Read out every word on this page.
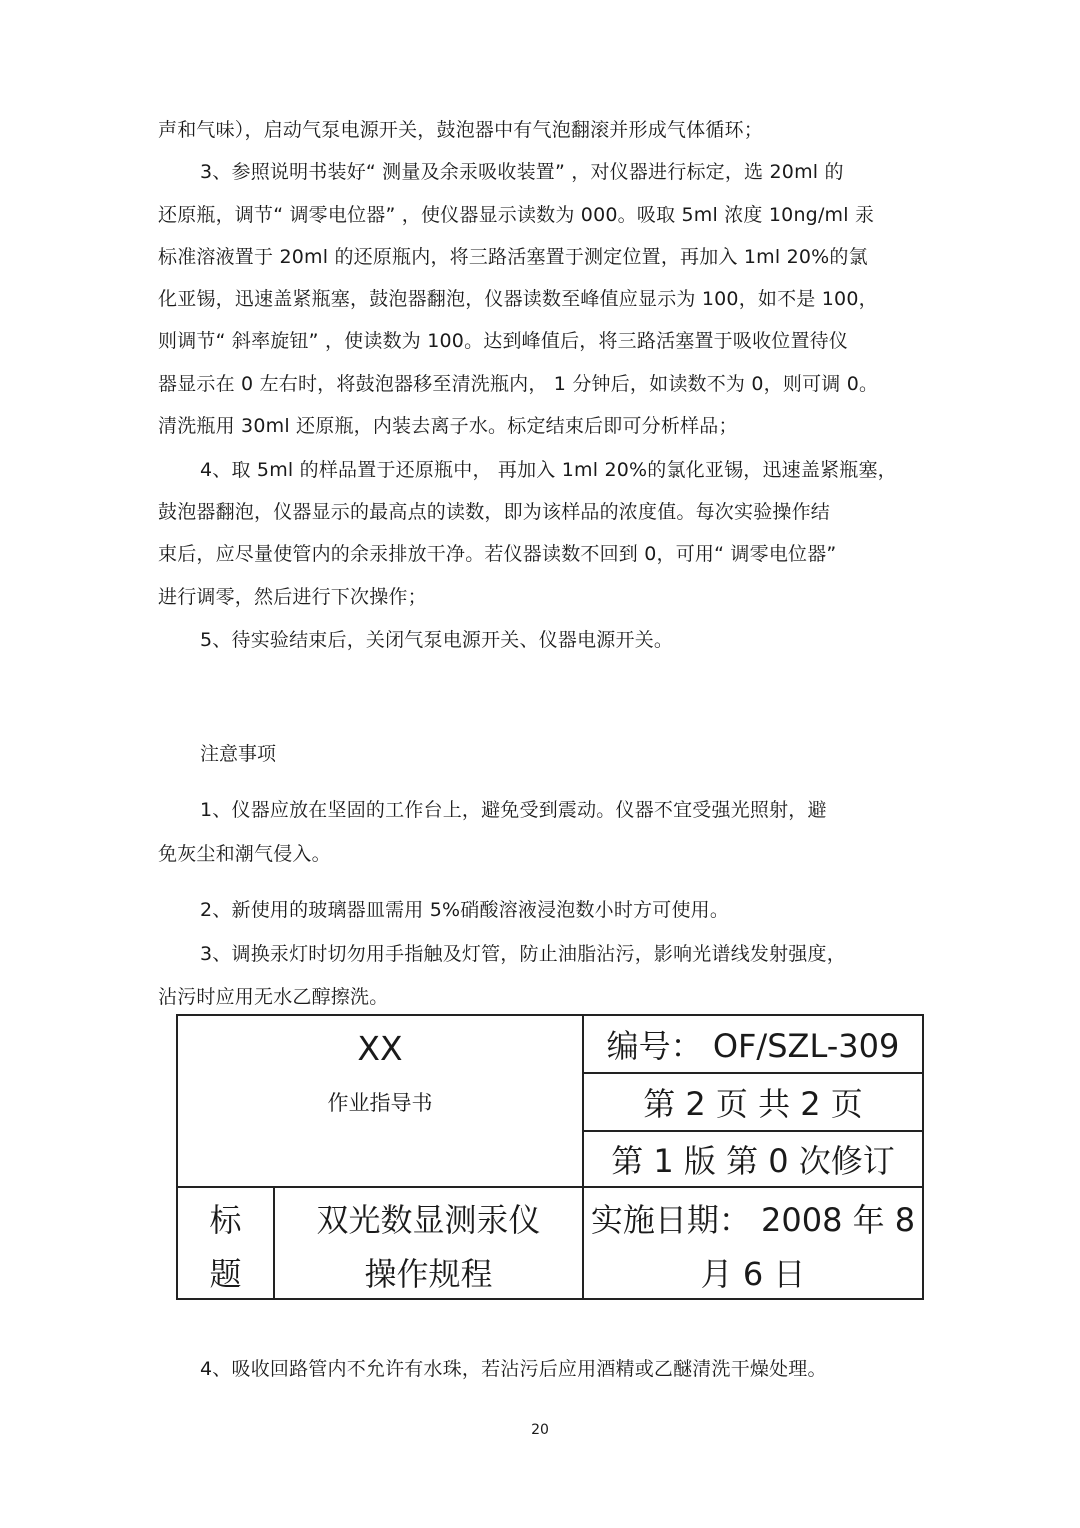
声和气味），启动气泵电源开关，鼓泡器中有气泡翻滚并形成气体循环；
3、参照说明书装好“ 测量及余汞吸收装置” ，对仪器进行标定，选 20ml 的
还原瓶，调节“ 调零电位器” ，使仪器显示读数为 000。吸取 5ml 浓度 10ng/ml 汞
标准溶液置于 20ml 的还原瓶内，将三路活塞置于测定位置，再加入 1ml 20%的氯
化亚锡，迅速盖紧瓶塞，鼓泡器翻泡，仪器读数至峰值应显示为 100，如不是 100，
则调节“ 斜率旋钮” ，使读数为 100。达到峰值后，将三路活塞置于吸收位置待仪
器显示在 0 左右时，将鼓泡器移至清洗瓶内， 1 分钟后，如读数不为 0，则可调 0。
清洗瓶用 30ml 还原瓶，内装去离子水。标定结束后即可分析样品；
4、取 5ml 的样品置于还原瓶中， 再加入 1ml 20%的氯化亚锡，迅速盖紧瓶塞，
鼓泡器翻泡，仪器显示的最高点的读数，即为该样品的浓度值。每次实验操作结
束后，应尽量使管内的余汞排放干净。若仪器读数不回到 0，可用“ 调零电位器”
进行调零，然后进行下次操作；
5、待实验结束后，关闭气泵电源开关、仪器电源开关。
注意事项
1、仪器应放在坚固的工作台上，避免受到震动。仪器不宜受强光照射，避
免灰尘和潮气侵入。
2、新使用的玻璃器皿需用 5%硝酸溶液浸泡数小时方可使用。
3、调换汞灯时切勿用手指触及灯管，防止油脂沾污，影响光谱线发射强度，
沾污时应用无水乙醇擦洗。
XX
作业指导书
编号： OF/SZL-309
第 2 页 共 2 页
第 1 版 第 0 次修订
标
题
双光数显测汞仪
操作规程
实施日期： 2008 年 8
月 6 日
4、吸收回路管内不允许有水珠，若沾污后应用酒精或乙醚清洗干燥处理。
20
